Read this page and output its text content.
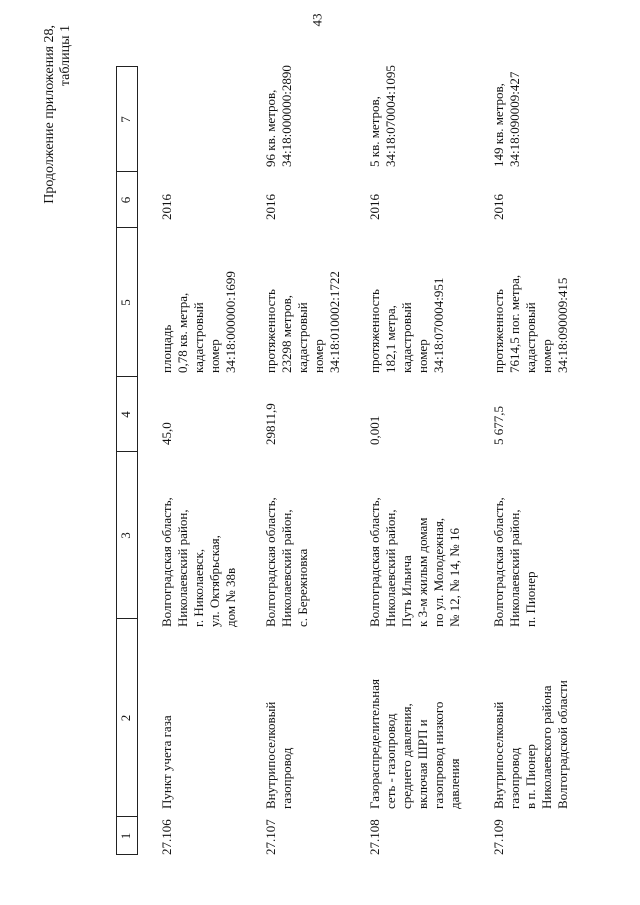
43
Продолжение приложения 28, таблицы 1
1
2
3
4
5
6
7
27.106
Пункт учета газа
Волгоградская область,
Николаевский район,
г. Николаевск,
ул. Октябрьская,
дом № 38в
45,0
площадь
0,78 кв. метра,
кадастровый
номер
34:18:000000:1699
2016
27.107
Внутрипоселковый
газопровод
Волгоградская область,
Николаевский район,
с. Бережновка
29811,9
протяженность
23298 метров,
кадастровый
номер
34:18:010002:1722
2016
96 кв. метров,
34:18:000000:2890
27.108
Газораспределительная
сеть - газопровод
среднего давления,
включая ШРП и
газопровод низкого
давления
Волгоградская область,
Николаевский район,
Путь Ильича
к 3-м жилым домам
по ул. Молодежная,
№ 12, № 14, № 16
0,001
протяженность
182,1 метра,
кадастровый
номер
34:18:070004:951
2016
5 кв. метров,
34:18:070004:1095
27.109
Внутрипоселковый
газопровод
в п. Пионер
Николаевского района
Волгоградской области
Волгоградская область,
Николаевский район,
п. Пионер
5 677,5
протяженность
7614,5 пог. метра,
кадастровый
номер
34:18:090009:415
2016
149 кв. метров,
34:18:090009:427
